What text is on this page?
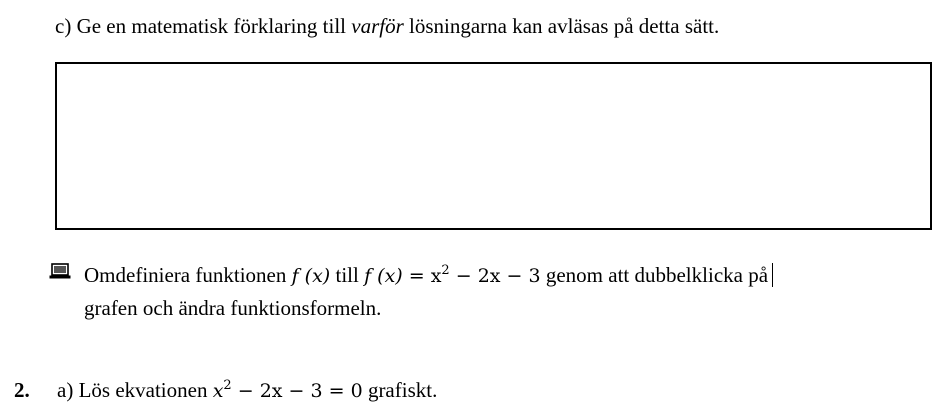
c) Ge en matematisk förklaring till varför lösningarna kan avläsas på detta sätt.
Omdefiniera funktionen f (x) till f $(x) = x^2 - 2x - 3$ genom att dubbelklicka på
grafen och ändra funktionsformeln.
2. a) Lös ekvationen $x^2 - 2x - 3 = 0$ grafiskt.
